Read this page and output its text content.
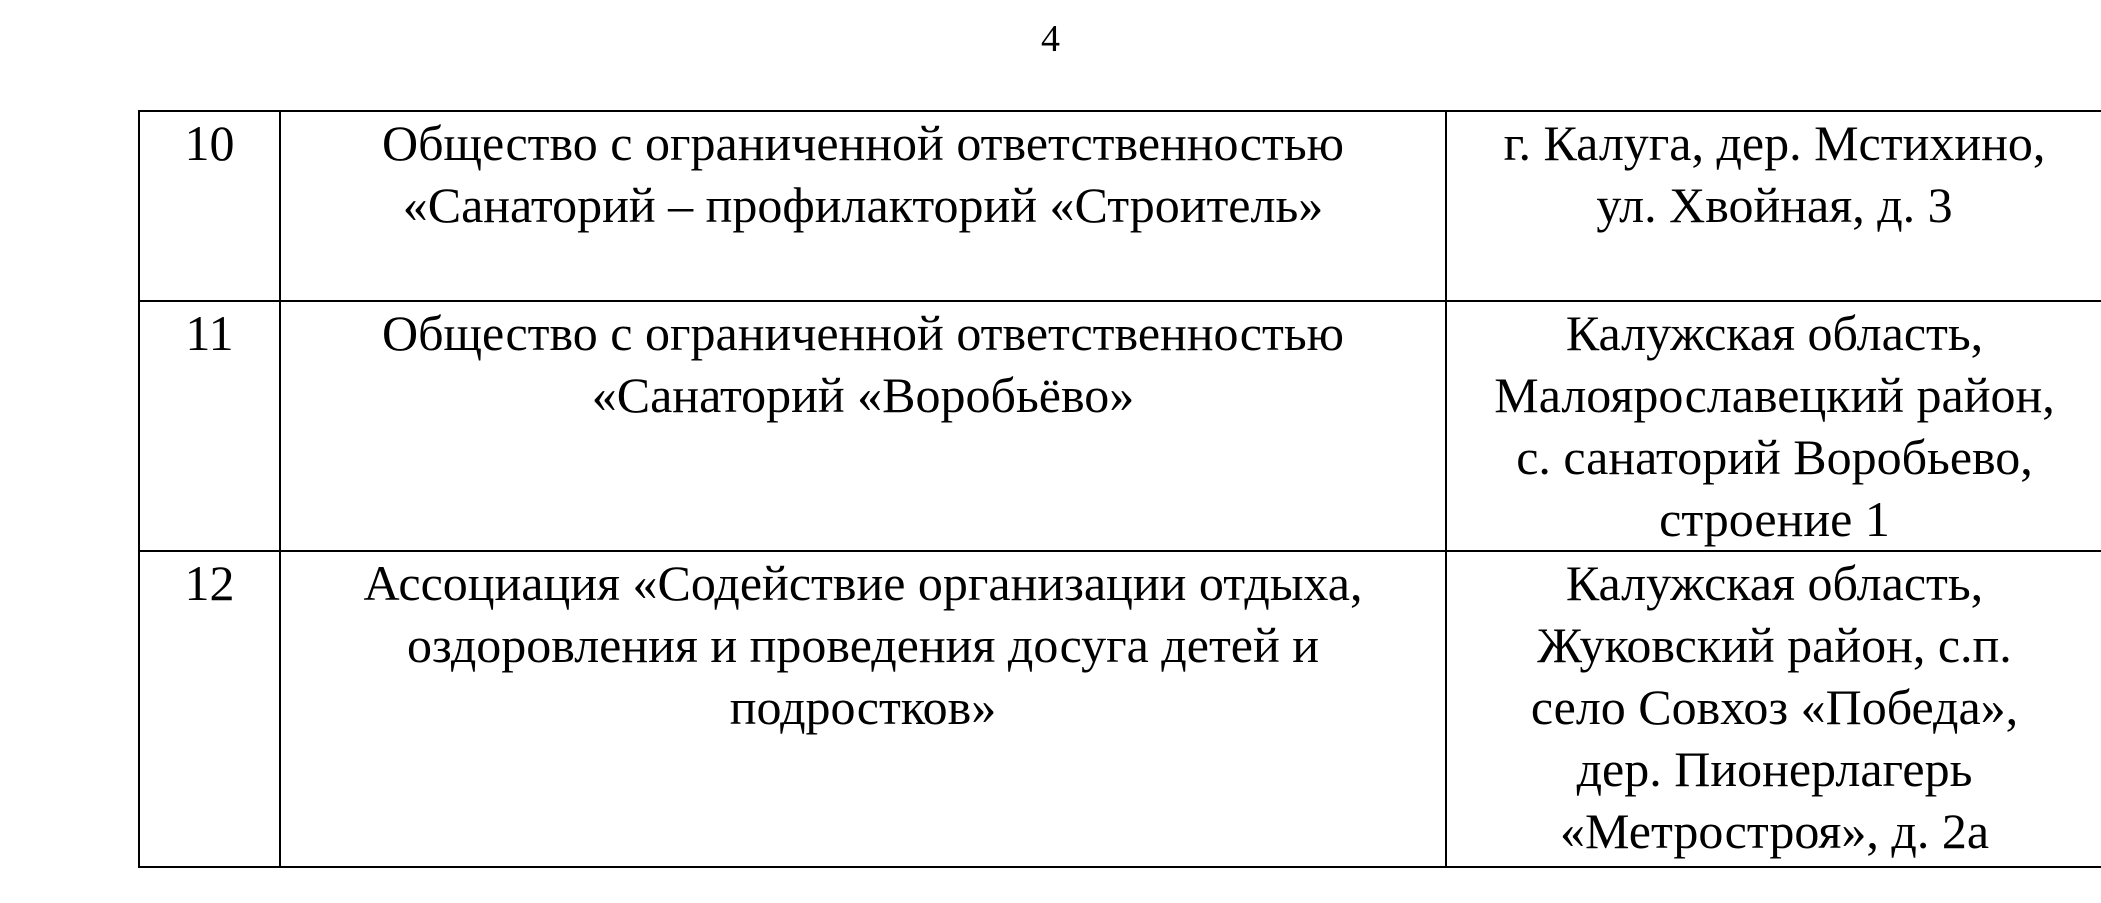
4
10	Общество с ограниченной ответственностью
«Санаторий – профилакторий «Строитель»	г. Калуга, дер. Мстихино,
ул. Хвойная, д. 3

11	Общество с ограниченной ответственностью
«Санаторий «Воробьёво»	Калужская область,
Малоярославецкий район,
с. санаторий Воробьево,
строение 1

12	Ассоциация «Содействие организации отдыха,
оздоровления и проведения досуга детей и
подростков»	Калужская область,
Жуковский район, с.п.
село Совхоз «Победа»,
дер. Пионерлагерь
«Метростроя», д. 2а
